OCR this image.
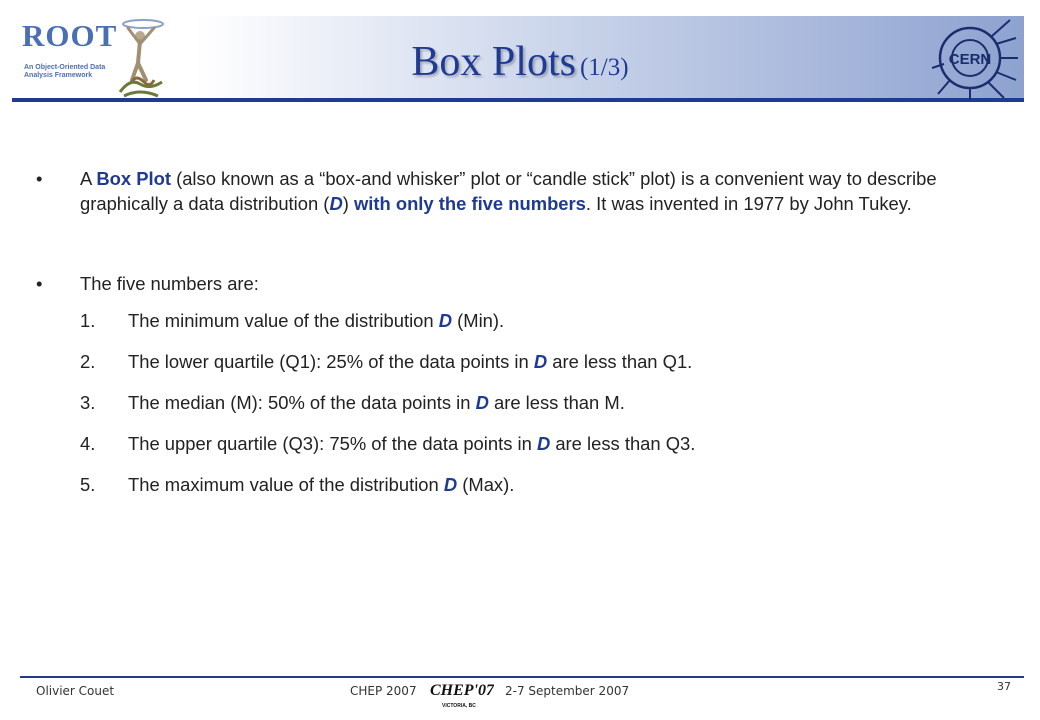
ROOT
An Object-Oriented Data Analysis Framework	Box Plots (1/3)	CERN
• A Box Plot (also known as a “box-and whisker” plot or “candle stick” plot) is a convenient way to describe graphically a data distribution (D) with only the five numbers. It was invented in 1977 by John Tukey.
• The five numbers are:
1. The minimum value of the distribution D (Min).
2. The lower quartile (Q1): 25% of the data points in D are less than Q1.
3. The median (M): 50% of the data points in D are less than M.
4. The upper quartile (Q3): 75% of the data points in D are less than Q3.
5. The maximum value of the distribution D (Max).
Olivier Couet	CHEP 2007 CHEP'07
VICTORIA, BC
2-7 September 2007	37
